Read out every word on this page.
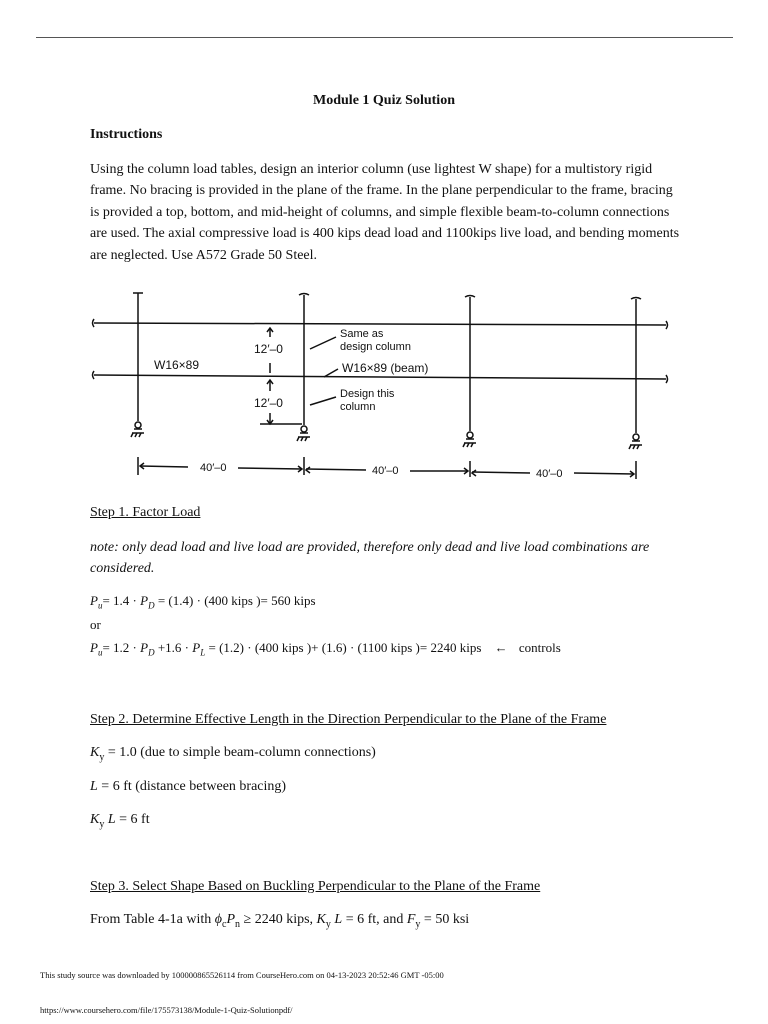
Module 1 Quiz Solution
Instructions
Using the column load tables, design an interior column (use lightest W shape) for a multistory rigid frame. No bracing is provided in the plane of the frame. In the plane perpendicular to the frame, bracing is provided a top, bottom, and mid-height of columns, and simple flexible beam-to-column connections are used. The axial compressive load is 400 kips dead load and 1100kips live load, and bending moments are neglected. Use A572 Grade 50 Steel.
W16×89
12′–0
12′–0
Same as
design column
W16×89 (beam)
Design this
column
40′–0	40′–0	40′–0
Step 1. Factor Load
note: only dead load and live load are provided, therefore only dead and live load combinations are considered.
$P_u= 1.4 \cdot P_D = (1.4) \cdot (400$ kips )= 560 kips
or
$P_u= 1.2 \cdot P_D +1.6 \cdot P_L = (1.2) \cdot (400$ kips )+ (1.6) · (1100 kips )= 2240 kips ← controls
Step 2. Determine Effective Length in the Direction Perpendicular to the Plane of the Frame
$K_y = 1.0$ (due to simple beam-column connections)
L = 6 ft (distance between bracing)
$K_y$ L = 6 ft
Step 3. Select Shape Based on Buckling Perpendicular to the Plane of the Frame
From Table 4-1a with $\phi_cP_n \ge 2240$ kips, $K_y$ L = 6 ft, and $F_y = 50$ ksi
This study source was downloaded by 100000865526114 from CourseHero.com on 04-13-2023 20:52:46 GMT -05:00
https://www.coursehero.com/file/175573138/Module-1-Quiz-Solutionpdf/
